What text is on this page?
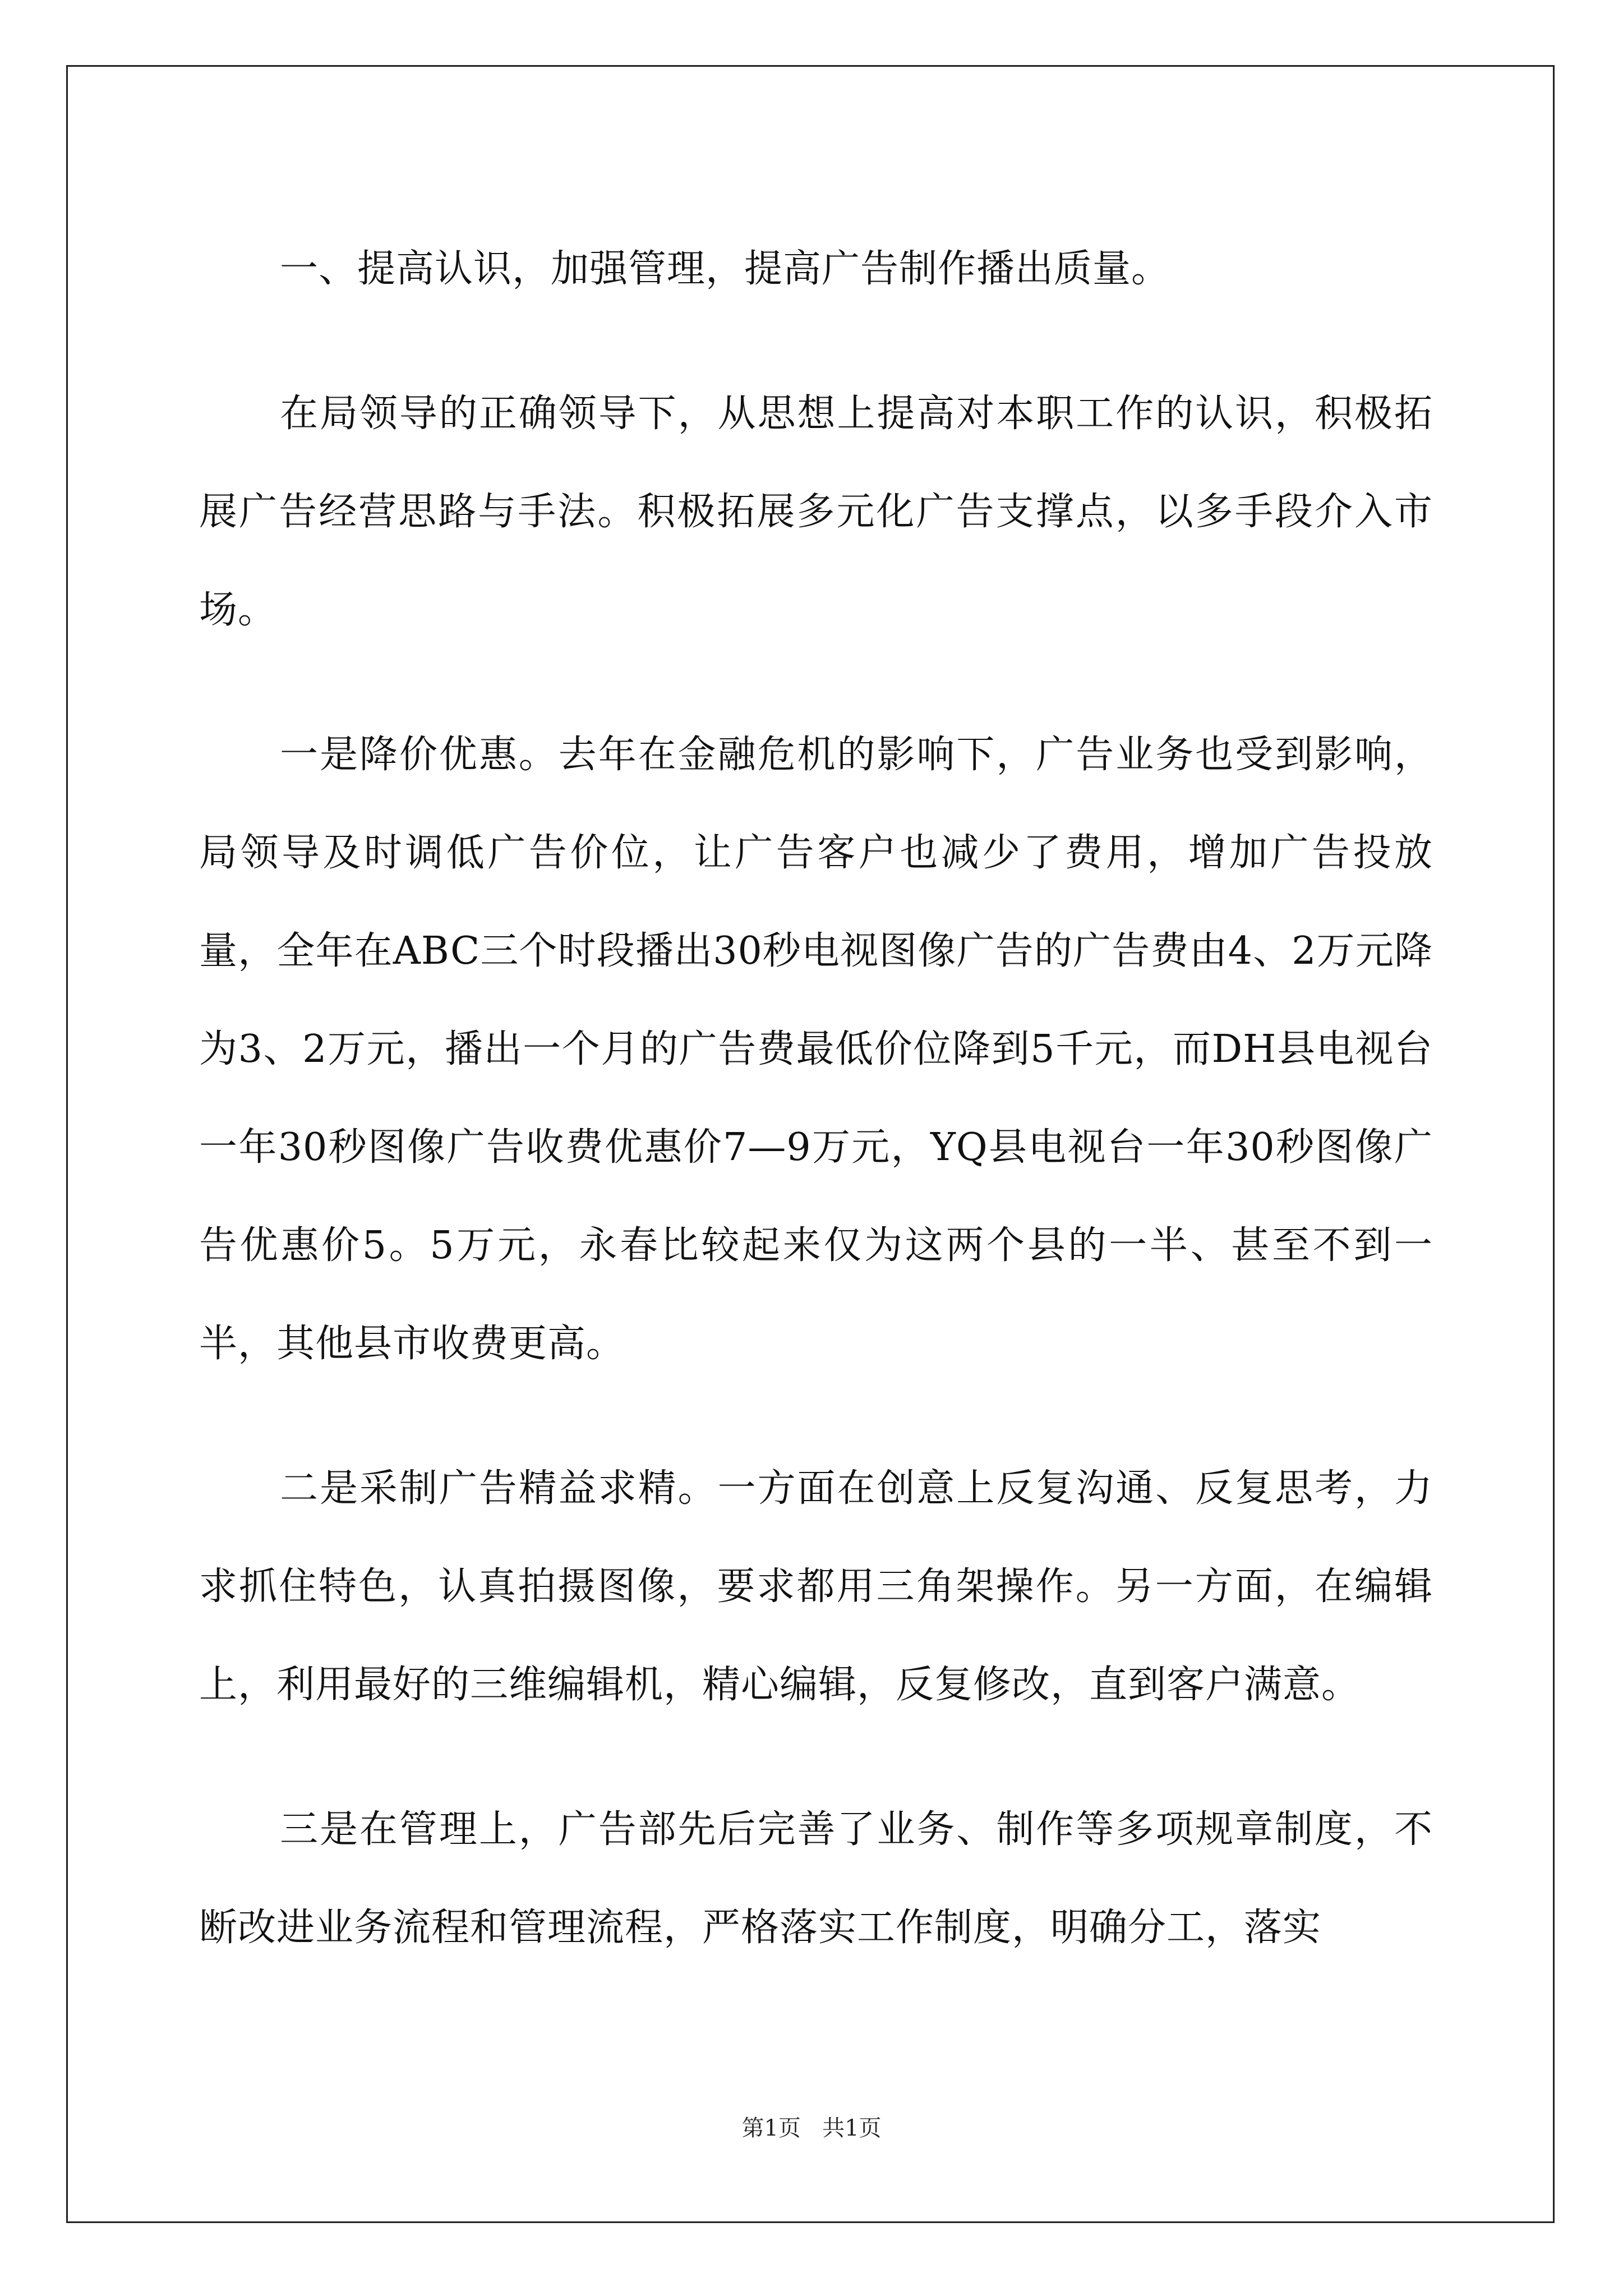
一、提高认识，加强管理，提高广告制作播出质量。

在局领导的正确领导下，从思想上提高对本职工作的认识，积极拓展广告经营思路与手法。积极拓展多元化广告支撑点，以多手段介入市场。

一是降价优惠。去年在金融危机的影响下，广告业务也受到影响，局领导及时调低广告价位，让广告客户也减少了费用，增加广告投放量，全年在ABC三个时段播出30秒电视图像广告的广告费由4、2万元降为3、2万元，播出一个月的广告费最低价位降到5千元，而DH县电视台一年30秒图像广告收费优惠价7—9万元，YQ县电视台一年30秒图像广告优惠价5。5万元，永春比较起来仅为这两个县的一半、甚至不到一半，其他县市收费更高。

二是采制广告精益求精。一方面在创意上反复沟通、反复思考，力求抓住特色，认真拍摄图像，要求都用三角架操作。另一方面，在编辑上，利用最好的三维编辑机，精心编辑，反复修改，直到客户满意。

三是在管理上，广告部先后完善了业务、制作等多项规章制度，不断改进业务流程和管理流程，严格落实工作制度，明确分工，落实

第1页 共1页
